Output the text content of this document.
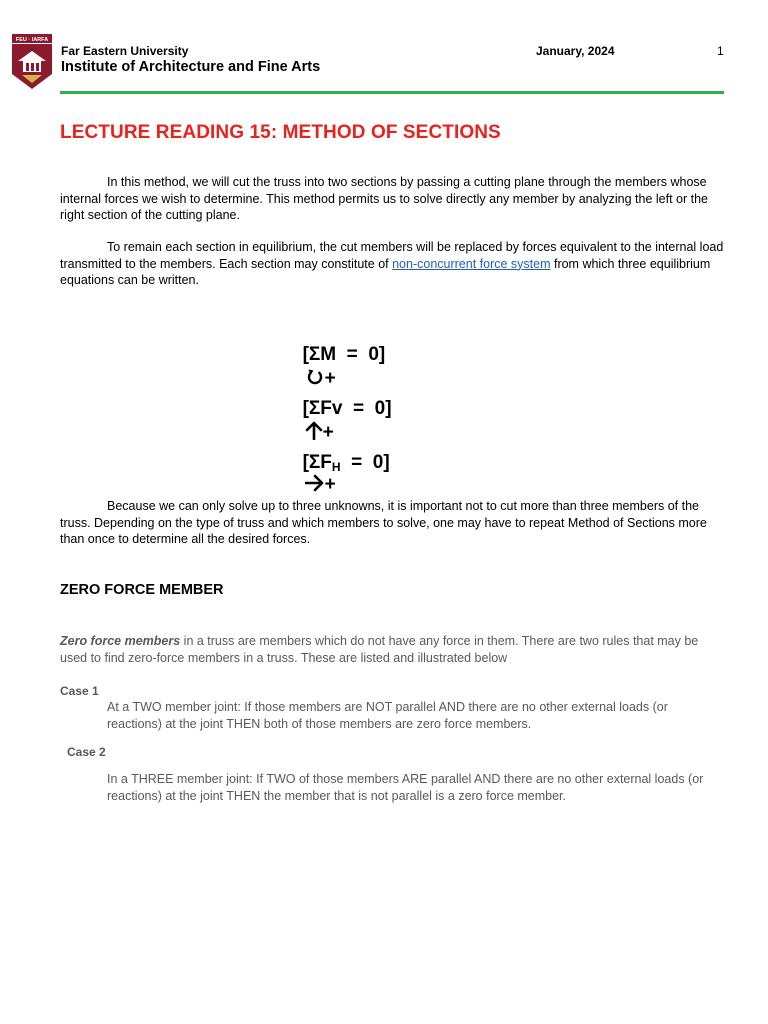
FEU · IARFA
Far Eastern University
Institute of Architecture and Fine Arts
January, 2024	1
LECTURE READING 15: METHOD OF SECTIONS

In this method, we will cut the truss into two sections by passing a cutting plane through the members whose internal forces we wish to determine. This method permits us to solve directly any member by analyzing the left or the right section of the cutting plane.

To remain each section in equilibrium, the cut members will be replaced by forces equivalent to the internal load transmitted to the members. Each section may constitute of non-concurrent force system from which three equilibrium equations can be written.

[ΣM  =  0]
+

[ΣFv  =  0]
+

$[\Sigma F_H = 0]$
+

Because we can only solve up to three unknowns, it is important not to cut more than three members of the truss. Depending on the type of truss and which members to solve, one may have to repeat Method of Sections more than once to determine all the desired forces.

ZERO FORCE MEMBER

Zero force members in a truss are members which do not have any force in them. There are two rules that may be used to find zero-force members in a truss. These are listed and illustrated below

Case 1

At a TWO member joint: If those members are NOT parallel AND there are no other external loads (or reactions) at the joint THEN both of those members are zero force members.

Case 2

In a THREE member joint: If TWO of those members ARE parallel AND there are no other external loads (or reactions) at the joint THEN the member that is not parallel is a zero force member.
